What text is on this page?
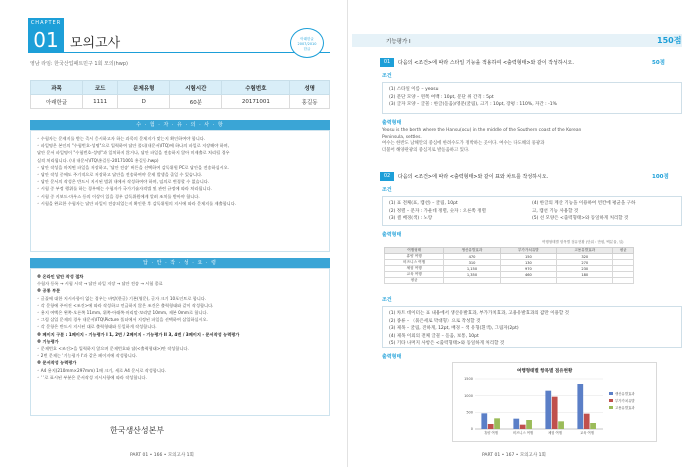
CHAPTER
01 모의고사	아래한글
2007/2010
한글
영남 라임: 한국산업패트민구 1회 모의(hwp)
과목	코드	문제유형	시험시간	수험번호	성명
아래한글	1111	D	60분	20171001	홍길동
수 · 험 · 자 · 유 · 의 · 사 · 항

◦ 수험자는 문제지를 받는 즉시 응시하고자 하는 과목의 문제지가 맞는지 확인하여야 합니다.

◦ 파일명은 본인의 "수험번호-성명"으로 입력하여 답안 폴더(내문서\ITQ)에 하나의 파일로 저장해야 하며,

답안 문서 파일명이 "수험번호-성명"과 일치하지 않거나, 답안 파일을 전송하지 않아 미제출로 처리될 경우

실격 처리됩니다. (내 내문서\ITQ\홍길동-20171001 홍길동.hwp)

◦ 답안 작성을 마치면 파일을 저장하고, '답안 전송' 버튼을 선택하여 감독위원 PC로 답안을 전송하십시오.

◦ 답안 작성 중에도 주기적으로 저장하고 답안을 전송하여야 문제 발생을 줄일 수 있습니다.

◦ 답안 문서의 작성은 반드시 지시된 범위 내에서 작성하여야 하며, 임의로 변경할 수 없습니다.

◦ 시험 중 부정 행위를 하는 경우에는 수험자가 국가기술자격법 및 관련 규정에 따라 처리됩니다.

◦ 시험 중 키보드·마우스 등의 이상이 있을 경우 감독위원에게 알려 조치를 받아야 합니다.

◦ 시험을 완료한 수험자는 답안 파일이 전송되었는지 확인한 후 감독위원의 지시에 따라 문제지를 제출합니다.

답 · 안 · 작 · 성 · 요 · 령

※ 온라인 답안 작성 절차

수험자 등록 → 시험 시작 → 답안 파일 저장 → 답안 전송 → 시험 종료

※ 공통 부문

◦ 글꼴에 대한 지시사항이 없는 경우는 바탕(한글) 기본(영문), 글자 크기 10포인트로 합니다.

◦ 각 문항에 주어진 <조건>에 따라 작성하고 언급하지 않은 조건은 출력형태와 같이 작성합니다.

◦ 용지 여백은 왼쪽·오른쪽 11mm, 위쪽·아래쪽·머리말·꼬리말 10mm, 제본 0mm로 합니다.

◦ 그림 삽입 문제의 경우 내문서\ITQ\Picture 폴더에서 지정된 파일을 선택하여 삽입하십시오.

◦ 각 문항은 반드시 지시된 대로 출력형태와 동일하게 작성합니다.

※ 페이지 구분 : 1페이지 - 기능평가 I 1, 2번 / 2페이지 - 기능평가 II 3, 4번 / 3페이지 - 문서작성 능력평가

※ 기능평가

◦ 문제번호 <조건>을 입력하지 않으며 문제번호와 답(<출력형태>)만 작성합니다.

◦ 2번 문제는 '기능평가 I'과 같은 페이지에 작성합니다.

※ 문서작성 능력평가

◦ A4 용지(210mm×297mm) 1매 크기, 세로 A4 문서로 작성합니다.

◦ ' '로 표시된 부분은 문서작성 지시사항에 따라 작성합니다.

한국생산성본부
PART 01 • 166 • 모의고사 1회
기능평가 I	150점
01	다음의 <조건>에 따라 스타일 기능을 적용하여 <출력형태>와 같이 작성하시오.	50점
조건

(1) 스타일 이름 – yeosu

(2) 문단 모양 – 왼쪽 여백 : 10pt, 문단 위 간격 : 5pt

(3) 글자 모양 – 글꼴 : 한글(돋움)/영문(굴림), 크기 : 10pt, 장평 : 110%, 자간 : -1%

출력형태

Yeosu is the berth where the Hansu(ocu) in the middle of the Southern coast of the Korean

Peninsula, settles.

여수는 한반도 남해안의 중심에 한려수도가 정박하는 곳이다. 여수는 다도해의 풍광과

더불어 해양관광의 중심지로 발돋움하고 있다.

02	다음의 <조건>에 따라 <출력형태>와 같이 표와 차트를 작성하시오.	100점
조건

(1) 표 전체(표, 캡션) – 굴림, 10pt

(2) 정렬 – 문자 : 가운데 정렬, 숫자 : 오른쪽 정렬

(3) 셀 배경(색) : 노랑

(4) 한글의 계산 기능을 이용하여 빈칸에 평균을 구하

고, 캡션 기능 사용할 것

(5) 선 모양은 <출력형태>와 동일하게 처리할 것

출력형태
여행형태별 항목별 점유현황 (단위 : 만원, 백분율, 일)
여행형태	생산유발효과	부가가치유발	고용유발효과	평균
휴양 여행	470	150	320	
비즈니스 여행	310	130	270	
체험 여행	1,150	970	230	
교육 여행	1,350	460	180	
평균				
조건

(1) 차트 데이터는 표 내용에서 생산유발효과, 부가가치효과, 고용유발효과의 값만 이용할 것

(2) 종류 – 〈묶은세로 막대형〉으로 작성할 것

(3) 제목 – 굴림, 진하게, 12pt, 배경 – 색 유형(흰색), 그림자(2pt)

(4) 제목 이외의 전체 글꼴 – 돋움, 보통, 10pt

(5) 기타 나머지 사항은 <출력형태>와 동일하게 처리할 것

출력형태
여행형태별 항목별 점유현황
0
500
1000
1500
휴양 여행	비즈니스 여행	체험 여행	교육 여행
생산유발효과
부가가치유발
고용유발효과
PART 01 • 167 • 모의고사 1회
